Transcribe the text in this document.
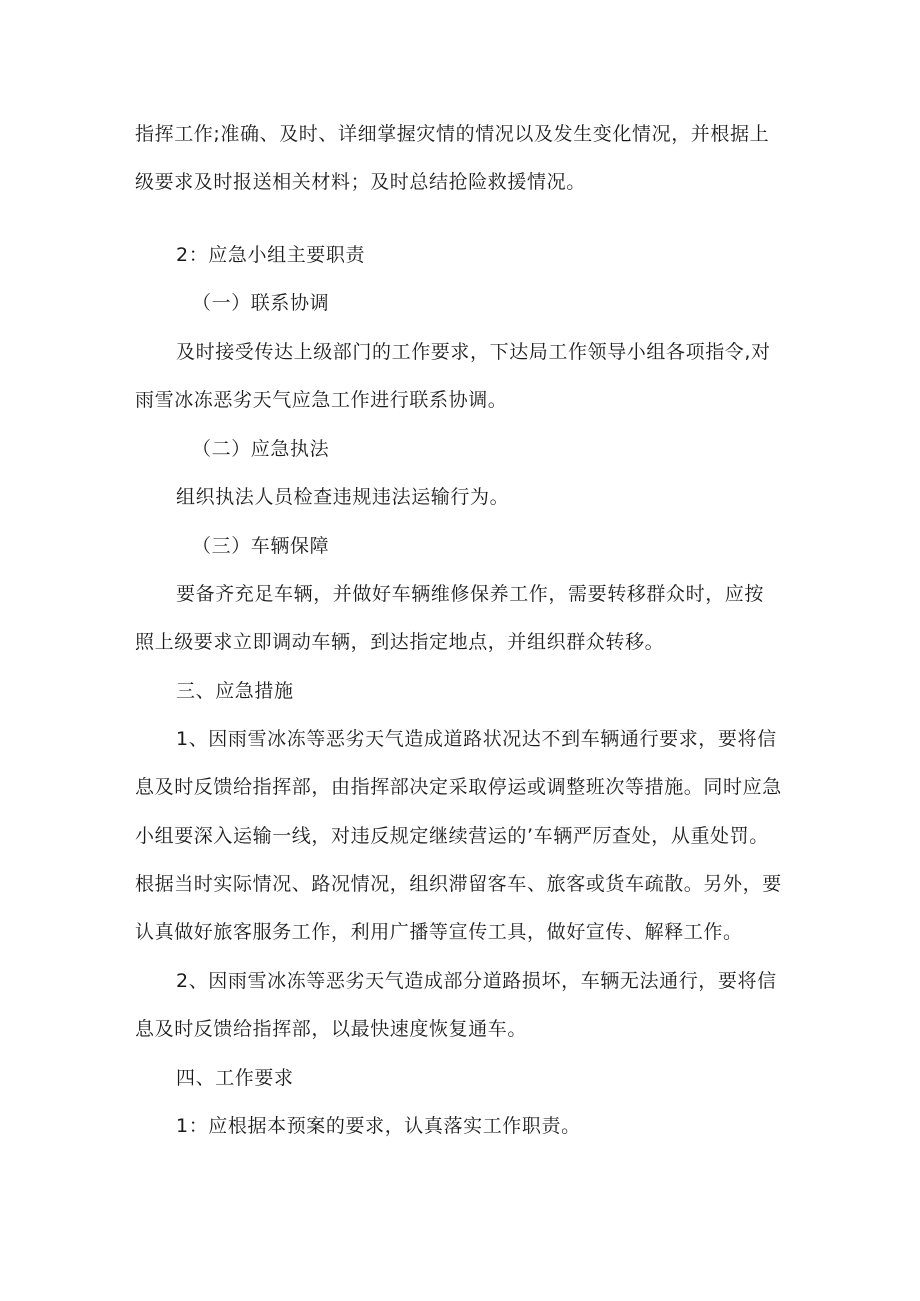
指挥工作;准确、及时、详细掌握灾情的情况以及发生变化情况，并根据上
级要求及时报送相关材料；及时总结抢险救援情况。
2：应急小组主要职责
（一）联系协调
及时接受传达上级部门的工作要求，下达局工作领导小组各项指令,对
雨雪冰冻恶劣天气应急工作进行联系协调。
（二）应急执法
组织执法人员检查违规违法运输行为。
（三）车辆保障
要备齐充足车辆，并做好车辆维修保养工作，需要转移群众时，应按
照上级要求立即调动车辆，到达指定地点，并组织群众转移。
三、应急措施
1、因雨雪冰冻等恶劣天气造成道路状况达不到车辆通行要求，要将信
息及时反馈给指挥部，由指挥部决定采取停运或调整班次等措施。同时应急
小组要深入运输一线，对违反规定继续营运的’车辆严厉查处，从重处罚。
根据当时实际情况、路况情况，组织滞留客车、旅客或货车疏散。另外，要
认真做好旅客服务工作，利用广播等宣传工具，做好宣传、解释工作。
2、因雨雪冰冻等恶劣天气造成部分道路损坏，车辆无法通行，要将信
息及时反馈给指挥部，以最快速度恢复通车。
四、工作要求
1：应根据本预案的要求，认真落实工作职责。
